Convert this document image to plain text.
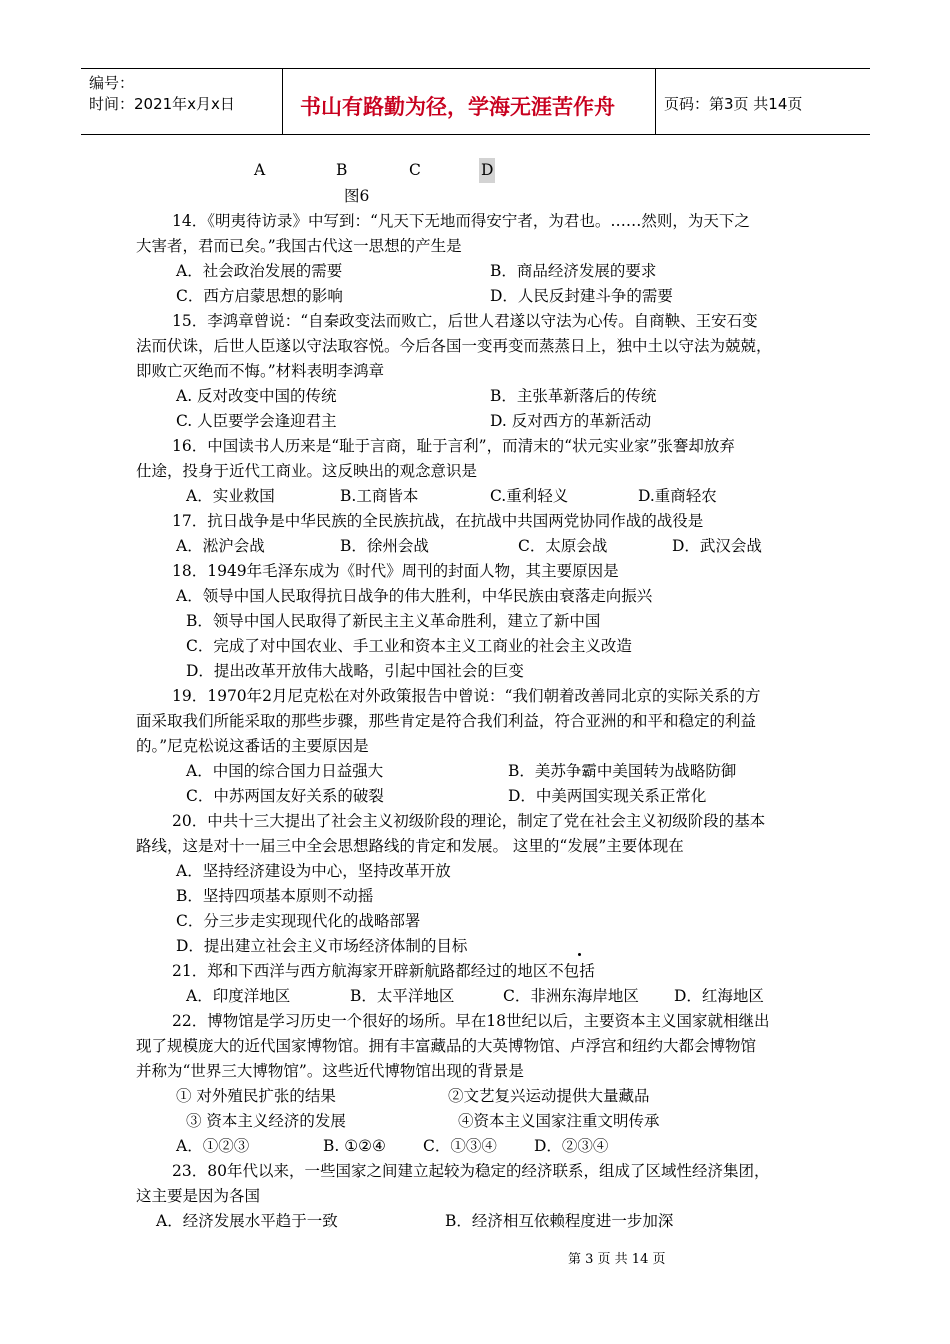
编号：
时间：2021年x月x日	书山有路勤为径，学海无涯苦作舟	页码：第3页 共14页
A	B	C	D
图6
14．《明夷待访录》中写到：“凡天下无地而得安宁者，为君也。……然则，为天下之
大害者，君而已矣。”我国古代这一思想的产生是
A．社会政治发展的需要	B．商品经济发展的要求
C．西方启蒙思想的影响	D．人民反封建斗争的需要
15．李鸿章曾说：“自秦政变法而败亡，后世人君遂以守法为心传。自商鞅、王安石变
法而伏诛，后世人臣遂以守法取容悦。今后各国一变再变而蒸蒸日上，独中土以守法为兢兢，
即败亡灭绝而不悔。”材料表明李鸿章
A. 反对改变中国的传统	B．主张革新落后的传统
C. 人臣要学会逢迎君主	D. 反对西方的革新活动
16．中国读书人历来是“耻于言商，耻于言利”，而清末的“状元实业家”张謇却放弃
仕途，投身于近代工商业。这反映出的观念意识是
A．实业救国	B.工商皆本	C.重利轻义	D.重商轻农
17．抗日战争是中华民族的全民族抗战，在抗战中共国两党协同作战的战役是
A．淞沪会战	B．徐州会战	C．太原会战	D．武汉会战
18．1949年毛泽东成为《时代》周刊的封面人物，其主要原因是
A．领导中国人民取得抗日战争的伟大胜利，中华民族由衰落走向振兴
B．领导中国人民取得了新民主主义革命胜利，建立了新中国
C．完成了对中国农业、手工业和资本主义工商业的社会主义改造
D．提出改革开放伟大战略，引起中国社会的巨变
19．1970年2月尼克松在对外政策报告中曾说：“我们朝着改善同北京的实际关系的方
面采取我们所能采取的那些步骤，那些肯定是符合我们利益，符合亚洲的和平和稳定的利益
的。”尼克松说这番话的主要原因是
A．中国的综合国力日益强大	B．美苏争霸中美国转为战略防御
C．中苏两国友好关系的破裂	D．中美两国实现关系正常化
20．中共十三大提出了社会主义初级阶段的理论，制定了党在社会主义初级阶段的基本
路线，这是对十一届三中全会思想路线的肯定和发展。 这里的“发展”主要体现在
A．坚持经济建设为中心，坚持改革开放
B．坚持四项基本原则不动摇
C．分三步走实现现代化的战略部署
D．提出建立社会主义市场经济体制的目标
21．郑和下西洋与西方航海家开辟新航路都经过的地区不包括
A．印度洋地区	B．太平洋地区	C．非洲东海岸地区 D．红海地区
22．博物馆是学习历史一个很好的场所。早在18世纪以后，主要资本主义国家就相继出
现了规模庞大的近代国家博物馆。拥有丰富藏品的大英博物馆、卢浮宫和纽约大都会博物馆
并称为“世界三大博物馆”。这些近代博物馆出现的背景是
① 对外殖民扩张的结果	②文艺复兴运动提供大量藏品
③ 资本主义经济的发展	④资本主义国家注重文明传承
A．①②③	B. ①②④ C．①③④ D．②③④
23．80年代以来，一些国家之间建立起较为稳定的经济联系，组成了区域性经济集团，
这主要是因为各国
A．经济发展水平趋于一致	B．经济相互依赖程度进一步加深
第 3 页 共 14 页
